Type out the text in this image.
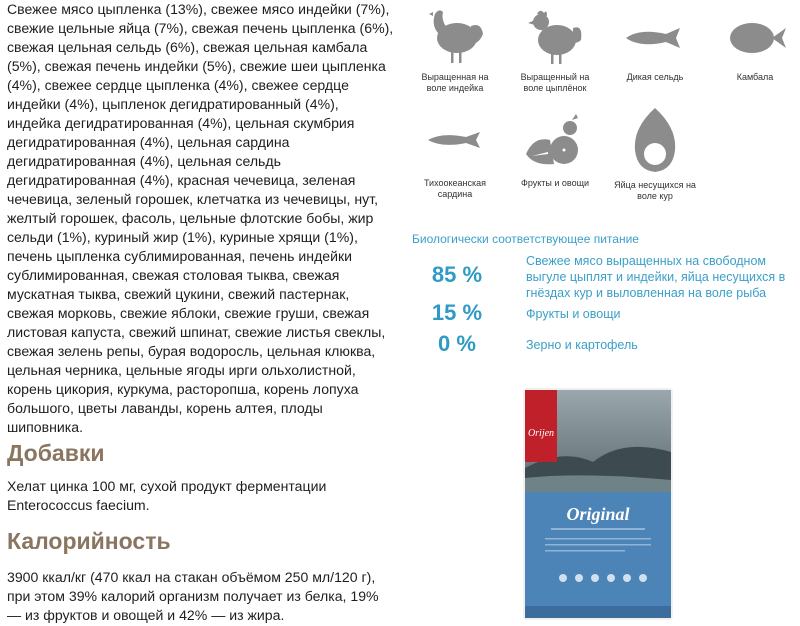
Свежее мясо цыпленка (13%), свежее мясо индейки (7%),
свежие цельные яйца (7%), свежая печень цыпленка (6%),
свежая цельная сельдь (6%), свежая цельная камбала
(5%), свежая печень индейки (5%), свежие шеи цыпленка
(4%), свежее сердце цыпленка (4%), свежее сердце
индейки (4%), цыпленок дегидратированный (4%),
индейка дегидратированная (4%), цельная скумбрия
дегидратированная (4%), цельная сардина
дегидратированная (4%), цельная сельдь
дегидратированная (4%), красная чечевица, зеленая
чечевица, зеленый горошек, клетчатка из чечевицы, нут,
желтый горошек, фасоль, цельные флотские бобы, жир
сельди (1%), куриный жир (1%), куриные хрящи (1%),
печень цыпленка сублимированная, печень индейки
сублимированная, свежая столовая тыква, свежая
мускатная тыква, свежий цукини, свежий пастернак,
свежая морковь, свежие яблоки, свежие груши, свежая
листовая капуста, свежий шпинат, свежие листья свеклы,
свежая зелень репы, бурая водоросль, цельная клюква,
цельная черника, цельные ягоды ирги ольхолистной,
корень цикория, куркума, расторопша, корень лопуха
большого, цветы лаванды, корень алтея, плоды
шиповника.

Добавки

Хелат цинка 100 мг, сухой продукт ферментации
Enterococcus faecium.

Калорийность

3900 ккал/кг (470 ккал на стакан объёмом 250 мл/120 г),
при этом 39% калорий организм получает из белка, 19%
— из фруктов и овощей и 42% — из жира.

Выращенная на
воле индейка
Выращенный на
воле цыплёнок
Дикая сельдь	Камбала
Тихоокеанская
сардина
Фрукты и овощи	Яйца несущихся на
воле кур
Биологически соответствующее питание
85 %
Свежее мясо выращенных на свободном
выгуле цыплят и индейки, яйца несущихся в
гнёздах кур и выловленная на воле рыба
15 %	Фрукты и овощи
0 %	Зерно и картофель
Orijen
Original
